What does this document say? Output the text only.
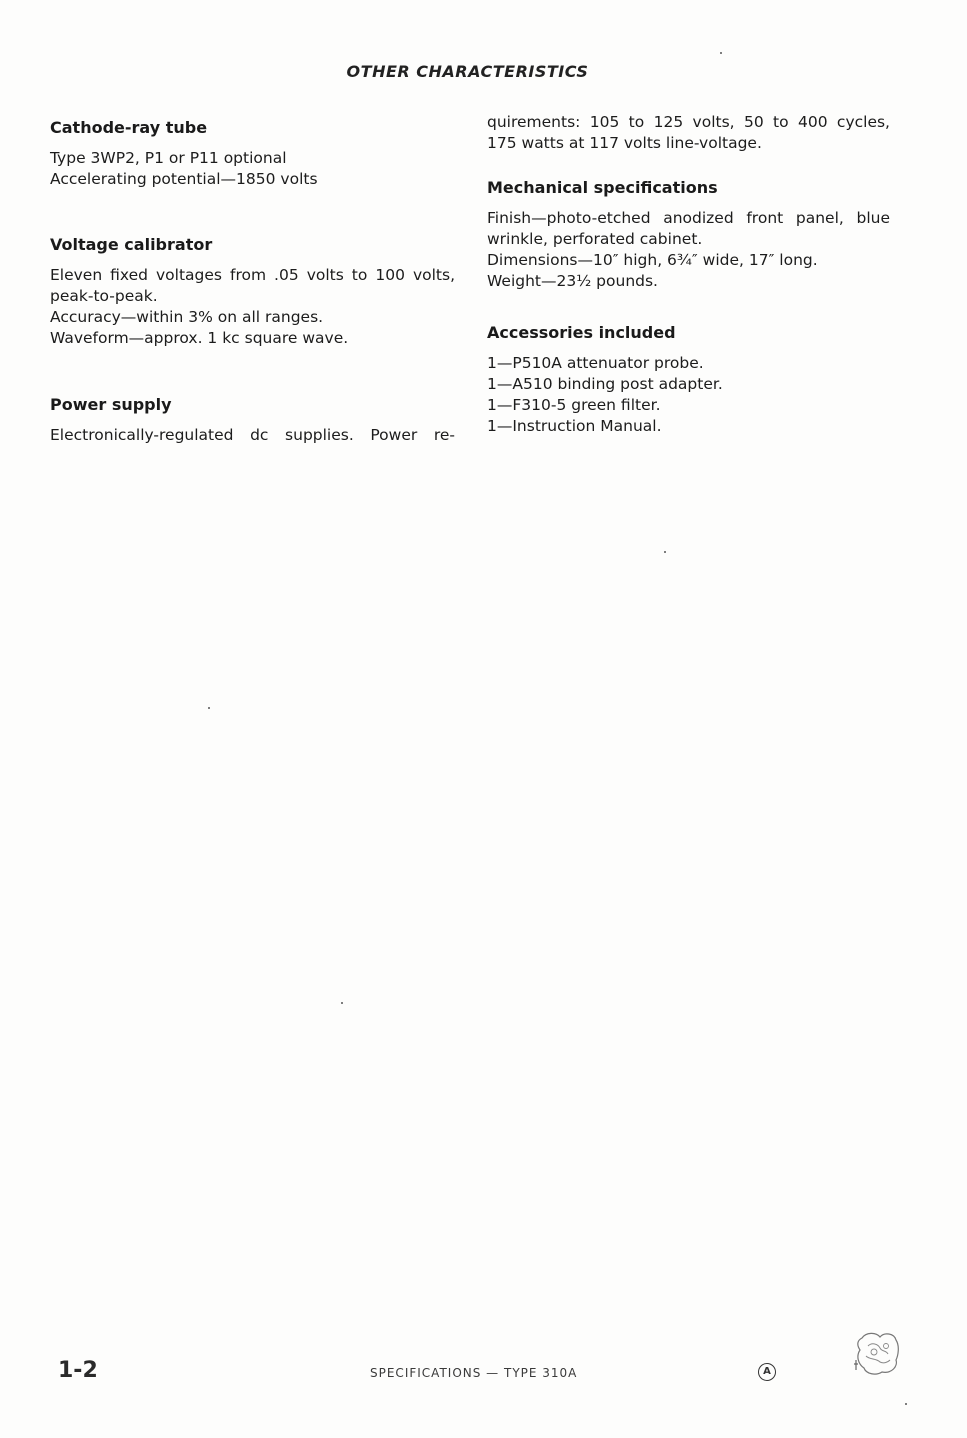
OTHER CHARACTERISTICS
Cathode-ray tube
Type 3WP2, P1 or P11 optional
Accelerating potential—1850 volts
Voltage calibrator
Eleven fixed voltages from .05 volts to 100 volts,
peak-to-peak.
Accuracy—within 3% on all ranges.
Waveform—approx. 1 kc square wave.
Power supply
Electronically-regulated dc supplies. Power re-
quirements: 105 to 125 volts, 50 to 400 cycles,
175 watts at 117 volts line-voltage.
Mechanical specifications
Finish—photo-etched anodized front panel, blue
wrinkle, perforated cabinet.
Dimensions—10″ high, 6¾″ wide, 17″ long.
Weight—23½ pounds.
Accessories included
1—P510A attenuator probe.
1—A510 binding post adapter.
1—F310-5 green filter.
1—Instruction Manual.
1-2	SPECIFICATIONS — TYPE 310A	A
